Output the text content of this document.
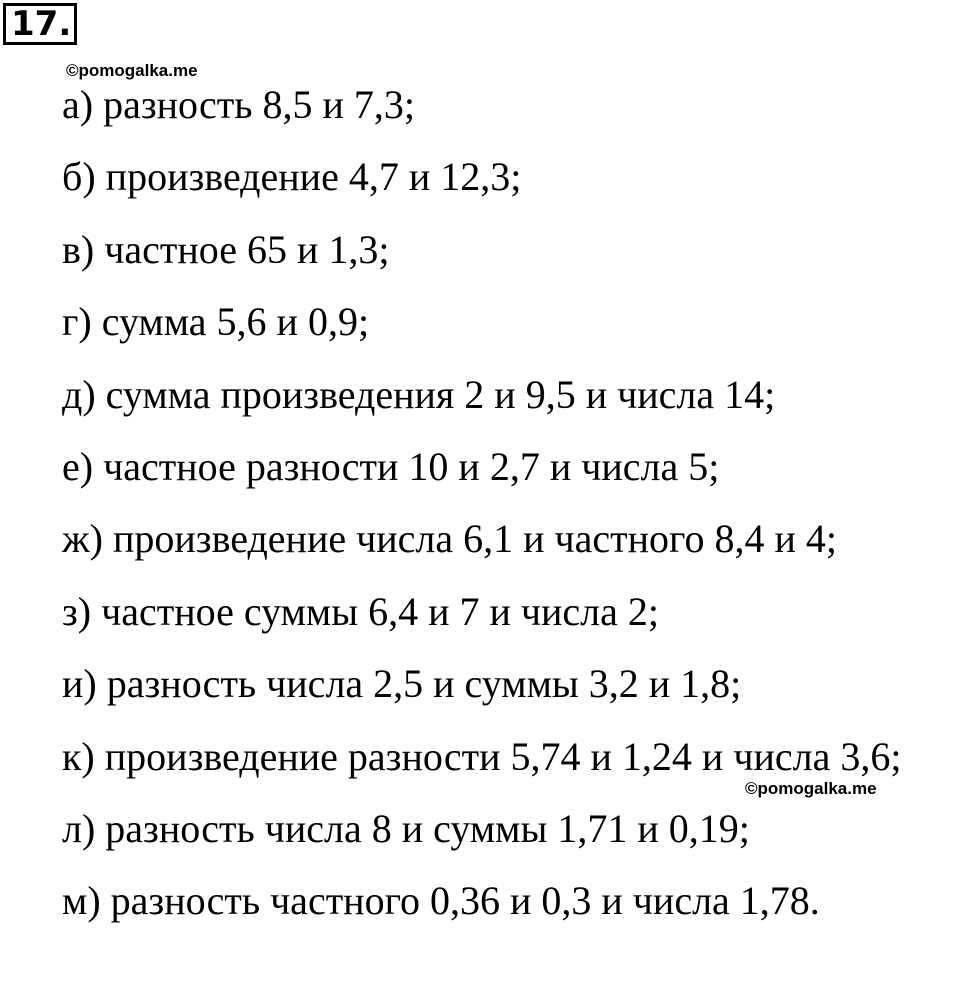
17.
©pomogalka.me
а) разность 8,5 и 7,3;
б) произведение 4,7 и 12,3;
в) частное 65 и 1,3;
г) сумма 5,6 и 0,9;
д) сумма произведения 2 и 9,5 и числа 14;
е) частное разности 10 и 2,7 и числа 5;
ж) произведение числа 6,1 и частного 8,4 и 4;
з) частное суммы 6,4 и 7 и числа 2;
и) разность числа 2,5 и суммы 3,2 и 1,8;
к) произведение разности 5,74 и 1,24 и числа 3,6;
л) разность числа 8 и суммы 1,71 и 0,19;
м) разность частного 0,36 и 0,3 и числа 1,78.
©pomogalka.me
